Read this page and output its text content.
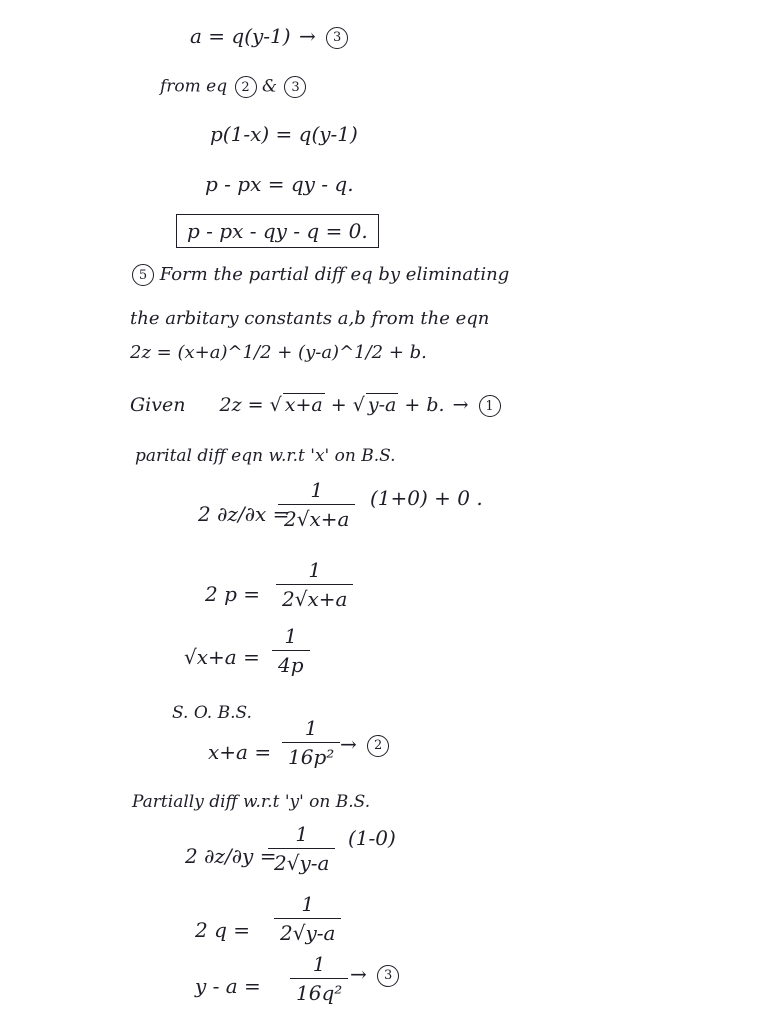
a = q(y-1) → 3
from eq 2 & 3
p(1-x) = q(y-1)
p - px = qy - q.
p - px - qy - q = 0.
5 Form the partial diff eq by eliminating
the arbitary constants a,b from the eqn
2z = (x+a)^1/2 + (y-a)^1/2 + b.
Given 2z = √ x+a + √ y-a + b. → 1
parital diff eqn w.r.t 'x' on B.S.
2 ∂z/∂x =
1
2√x+a
(1+0) + 0 .
2 p =
1
2√x+a
√x+a =
1
4p
S. O. B.S.
x+a =
1
16p²
→ 2
Partially diff w.r.t 'y' on B.S.
2 ∂z/∂y =
1
2√y-a
(1-0)
2 q =
1
2√y-a
y - a =
1
16q²
→ 3
